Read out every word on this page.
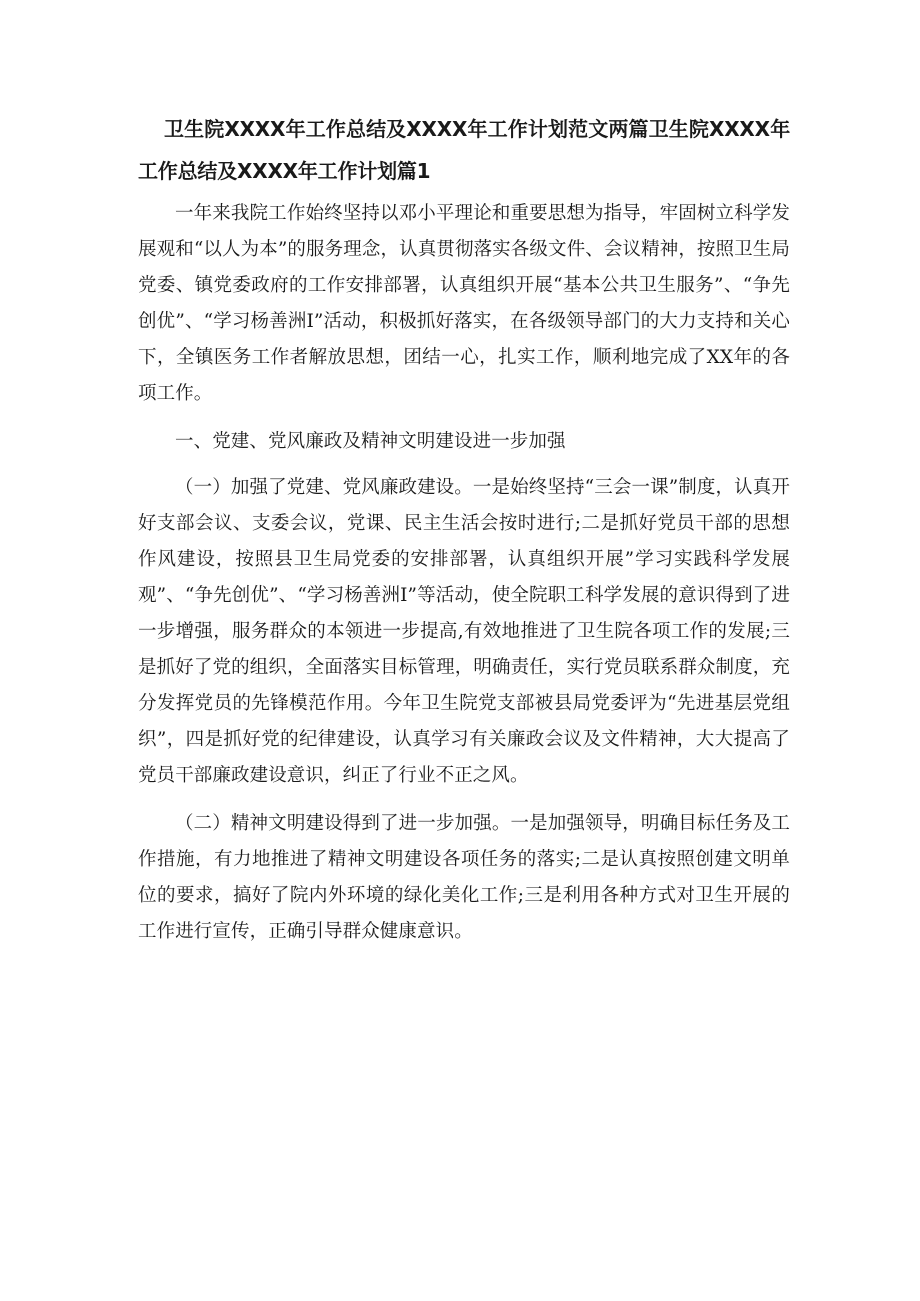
卫生院XXXX年工作总结及XXXX年工作计划范文两篇卫生院XXXX年工作总结及XXXX年工作计划篇1

一年来我院工作始终坚持以邓小平理论和重要思想为指导，牢固树立科学发展观和“以人为本”的服务理念，认真贯彻落实各级文件、会议精神，按照卫生局党委、镇党委政府的工作安排部署，认真组织开展“基本公共卫生服务”、“争先创优”、“学习杨善洲I”活动，积极抓好落实，在各级领导部门的大力支持和关心下，全镇医务工作者解放思想，团结一心，扎实工作，顺利地完成了XX年的各项工作。

一、党建、党风廉政及精神文明建设进一步加强

（一）加强了党建、党风廉政建设。一是始终坚持“三会一课”制度，认真开好支部会议、支委会议，党课、民主生活会按时进行;二是抓好党员干部的思想作风建设，按照县卫生局党委的安排部署，认真组织开展”学习实践科学发展观”、“争先创优”、“学习杨善洲I”等活动，使全院职工科学发展的意识得到了进一步增强，服务群众的本领进一步提高,有效地推进了卫生院各项工作的发展;三是抓好了党的组织，全面落实目标管理，明确责任，实行党员联系群众制度，充分发挥党员的先锋模范作用。今年卫生院党支部被县局党委评为“先进基层党组织”，四是抓好党的纪律建设，认真学习有关廉政会议及文件精神，大大提高了党员干部廉政建设意识，纠正了行业不正之风。

（二）精神文明建设得到了进一步加强。一是加强领导，明确目标任务及工作措施，有力地推进了精神文明建设各项任务的落实;二是认真按照创建文明单位的要求，搞好了院内外环境的绿化美化工作;三是利用各种方式对卫生开展的工作进行宣传，正确引导群众健康意识。
